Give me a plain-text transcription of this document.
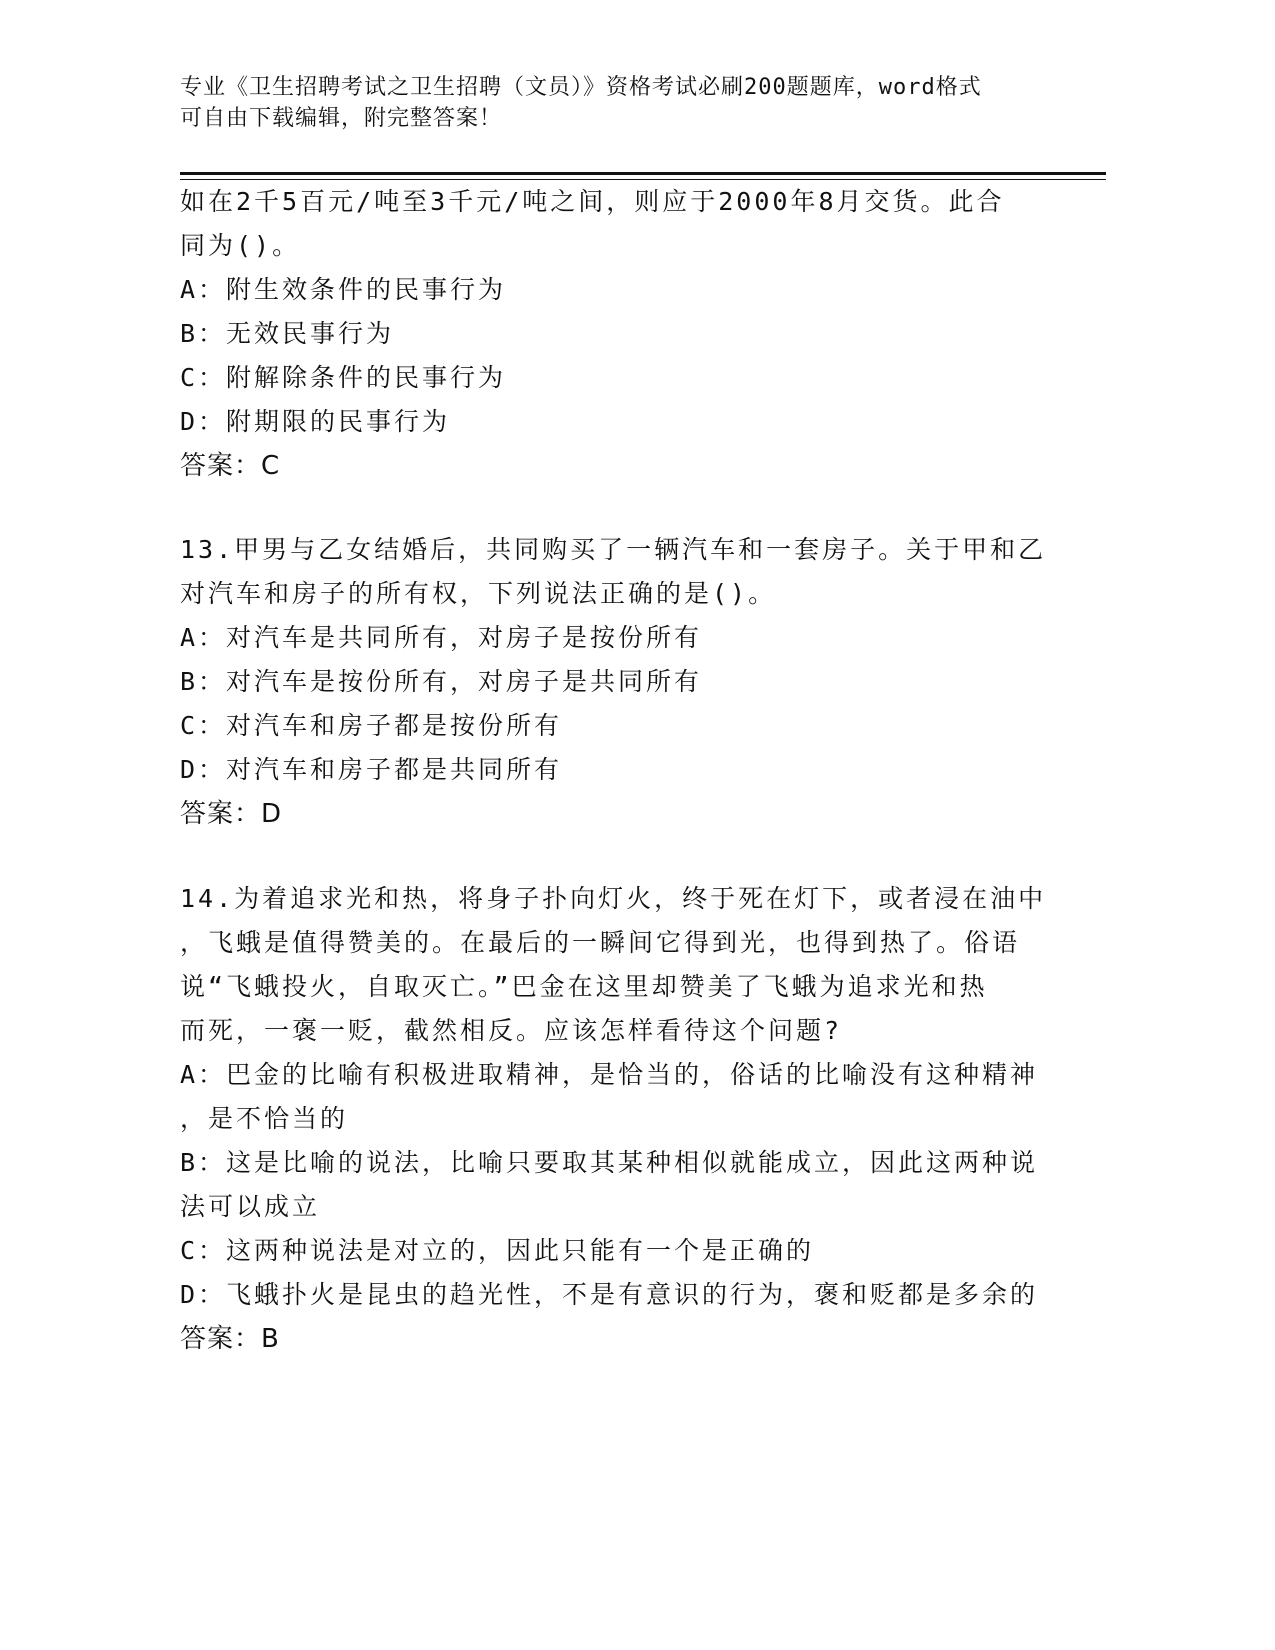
专业《卫生招聘考试之卫生招聘（文员）》资格考试必刷200题题库，word格式
可自由下载编辑，附完整答案！
如在2千5百元/吨至3千元/吨之间，则应于2000年8月交货。此合
同为()。
A：附生效条件的民事行为
B：无效民事行为
C：附解除条件的民事行为
D：附期限的民事行为
答案：C
13.甲男与乙女结婚后，共同购买了一辆汽车和一套房子。关于甲和乙
对汽车和房子的所有权，下列说法正确的是()。
A：对汽车是共同所有，对房子是按份所有
B：对汽车是按份所有，对房子是共同所有
C：对汽车和房子都是按份所有
D：对汽车和房子都是共同所有
答案：D
14.为着追求光和热，将身子扑向灯火，终于死在灯下，或者浸在油中
，飞蛾是值得赞美的。在最后的一瞬间它得到光，也得到热了。俗语
说“飞蛾投火，自取灭亡。”巴金在这里却赞美了飞蛾为追求光和热
而死，一褒一贬，截然相反。应该怎样看待这个问题?
A：巴金的比喻有积极进取精神，是恰当的，俗话的比喻没有这种精神
，是不恰当的
B：这是比喻的说法，比喻只要取其某种相似就能成立，因此这两种说
法可以成立
C：这两种说法是对立的，因此只能有一个是正确的
D：飞蛾扑火是昆虫的趋光性，不是有意识的行为，褒和贬都是多余的
答案：B
